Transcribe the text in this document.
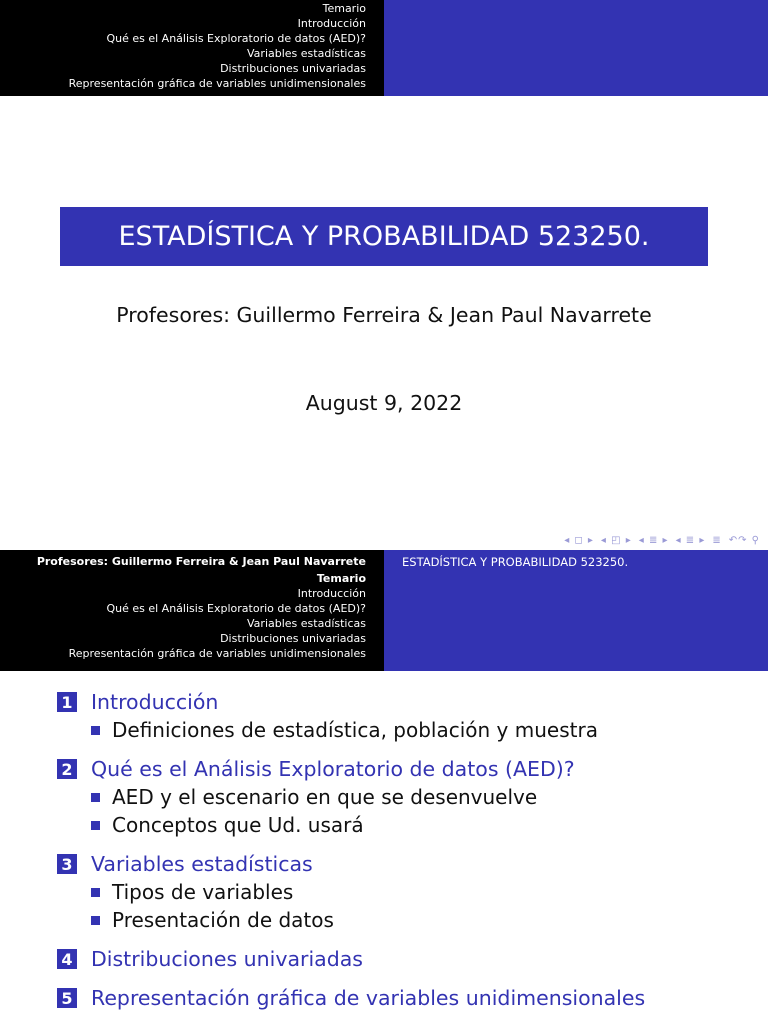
Temario
Introducción
Qué es el Análisis Exploratorio de datos (AED)?
Variables estadísticas
Distribuciones univariadas
Representación gráfica de variables unidimensionales
ESTADÍSTICA Y PROBABILIDAD 523250.
Profesores: Guillermo Ferreira & Jean Paul Navarrete
August 9, 2022
◂ ◻ ▸ ◂ ◰ ▸ ◂ ≣ ▸ ◂ ≣ ▸ ≣ ↶↷ ⚲
Profesores: Guillermo Ferreira & Jean Paul Navarrete
Temario
Introducción
Qué es el Análisis Exploratorio de datos (AED)?
Variables estadísticas
Distribuciones univariadas
Representación gráfica de variables unidimensionales
ESTADÍSTICA Y PROBABILIDAD 523250.
1 Introducción
Definiciones de estadística, población y muestra
2 Qué es el Análisis Exploratorio de datos (AED)?
AED y el escenario en que se desenvuelve
Conceptos que Ud. usará
3 Variables estadísticas
Tipos de variables
Presentación de datos
4 Distribuciones univariadas
5 Representación gráfica de variables unidimensionales
